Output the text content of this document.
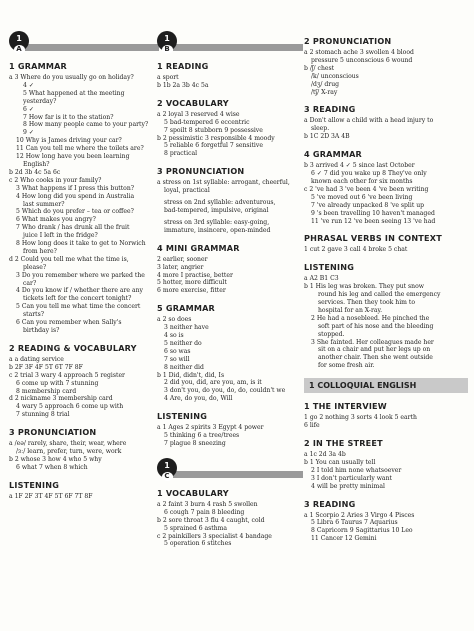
1
A
1 GRAMMAR

a 3 Where do you usually go on holiday?

4 ✓

5 What happened at the meeting

yesterday?

6 ✓

7 How far is it to the station?

8 How many people came to your party?

9 ✓

10 Why is James driving your car?

11 Can you tell me where the toilets are?

12 How long have you been learning

English?

b 2d 3b 4c 5a 6c

c 2 Who cooks in your family?

3 What happens if I press this button?

4 How long did you spend in Australia

last summer?

5 Which do you prefer – tea or coffee?

6 What makes you angry?

7 Who drank / has drunk all the fruit

juice I left in the fridge?

8 How long does it take to get to Norwich

from here?

d 2 Could you tell me what the time is,

please?

3 Do you remember where we parked the

car?

4 Do you know if / whether there are any

tickets left for the concert tonight?

5 Can you tell me what time the concert

starts?

6 Can you remember when Sally's

birthday is?

2 READING & VOCABULARY

a a dating service

b 2F 3F 4F 5T 6T 7F 8F

c 2 trial 3 wary 4 approach 5 register

6 come up with 7 stunning

8 membership card

d 2 nickname 3 membership card

4 wary 5 approach 6 come up with

7 stunning 8 trial

3 PRONUNCIATION

a /eə/ rarely, share, their, wear, where

/ɜː/ learn, prefer, turn, were, work

b 2 whose 3 how 4 who 5 why

6 what 7 when 8 which

LISTENING

a 1F 2F 3T 4F 5T 6F 7T 8F

1
B
1 READING

a sport

b 1b 2a 3b 4c 5a

2 VOCABULARY

a 2 loyal 3 reserved 4 wise

5 bad-tempered 6 eccentric

7 spoilt 8 stubborn 9 possessive

b 2 pessimistic 3 responsible 4 moody

5 reliable 6 forgetful 7 sensitive

8 practical

3 PRONUNCIATION

a stress on 1st syllable: arrogant, cheerful,

loyal, practical

stress on 2nd syllable: adventurous,

bad-tempered, impulsive, original

stress on 3rd syllable: easy-going,

immature, insincere, open-minded

4 MINI GRAMMAR

2 earlier, sooner

3 later, angrier

4 more I practise, better

5 hotter, more difficult

6 more exercise, fitter

5 GRAMMAR

a 2 so does

3 neither have

4 so is

5 neither do

6 so was

7 so will

8 neither did

b 1 Did, didn't, did, Is

2 did you, did, are you, am, is it

3 don't you, do you, do, do, couldn't we

4 Are, do you, do, Will

LISTENING

a 1 Ages 2 spirits 3 Egypt 4 power

5 thinking 6 a tree/trees

7 plague 8 sneezing

1
C
1 VOCABULARY

a 2 faint 3 burn 4 rash 5 swollen

6 cough 7 pain 8 bleeding

b 2 sore throat 3 flu 4 caught, cold

5 sprained 6 asthma

c 2 painkillers 3 specialist 4 bandage

5 operation 6 stitches

2 PRONUNCIATION

a 2 stomach ache 3 swollen 4 blood

pressure 5 unconscious 6 wound

b /ʃ/ chest

/k/ unconscious

/dʒ/ drug

/tʃ/ X-ray

3 READING

a Don't allow a child with a head injury to

sleep.

b 1C 2D 3A 4B

4 GRAMMAR

b 3 arrived 4 ✓ 5 since last October

6 ✓ 7 did you wake up 8 They've only

known each other for six months

c 2 've had 3 've been 4 've been writing

5 've moved out 6 've been living

7 've already unpacked 8 've split up

9 's been travelling 10 haven't managed

11 've run 12 've been seeing 13 've had

PHRASAL VERBS IN CONTEXT

1 cut 2 gave 3 call 4 broke 5 chat

LISTENING

a A2 B1 C3

b 1 His leg was broken. They put snow

round his leg and called the emergency

services. Then they took him to

hospital for an X-ray.

2 He had a nosebleed. He pinched the

soft part of his nose and the bleeding

stopped.

3 She fainted. Her colleagues made her

sit on a chair and put her legs up on

another chair. Then she went outside

for some fresh air.

1 COLLOQUIAL ENGLISH
1 THE INTERVIEW

1 go 2 nothing 3 sorts 4 look 5 earth

6 life

2 IN THE STREET

a 1c 2d 3a 4b

b 1 You can usually tell

2 I told him none whatsoever

3 I don't particularly want

4 will be pretty minimal

3 READING

a 1 Scorpio 2 Aries 3 Virgo 4 Pisces

5 Libra 6 Taurus 7 Aquarius

8 Capricorn 9 Sagittarius 10 Leo

11 Cancer 12 Gemini
